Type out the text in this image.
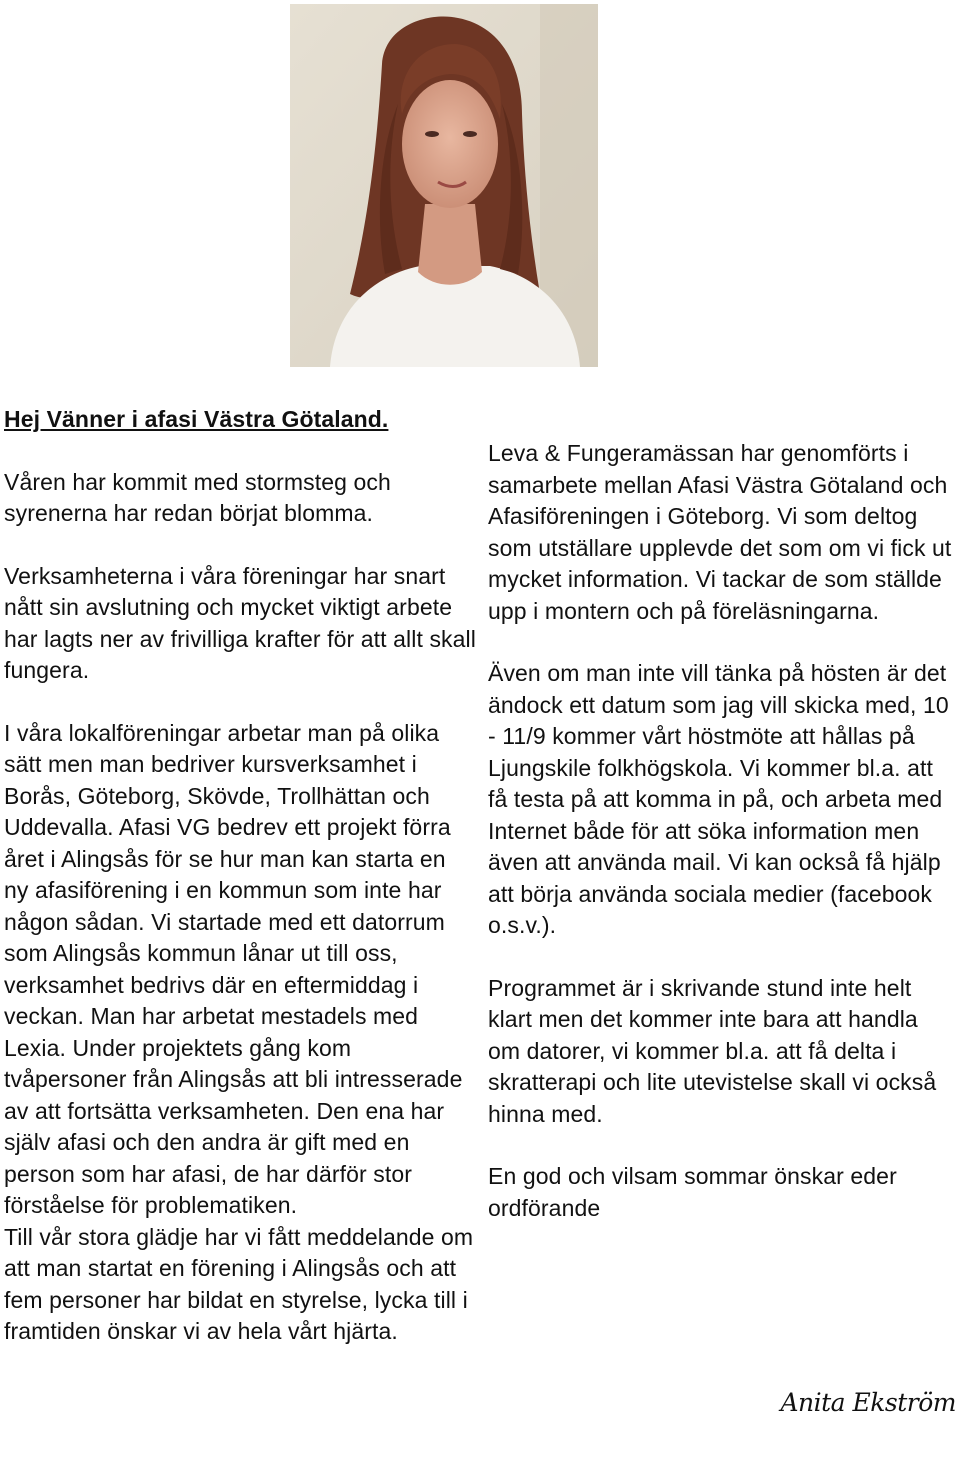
Hej Vänner i afasi Västra Götaland.

Våren har kommit med stormsteg och syrenerna har redan börjat blomma.

Verksamheterna i våra föreningar har snart nått sin avslutning och mycket viktigt arbete har lagts ner av frivilliga krafter för att allt skall fungera.

I våra lokalföreningar arbetar man på olika sätt men man bedriver kursverksamhet i Borås, Göteborg, Skövde, Trollhättan och Uddevalla. Afasi VG bedrev ett projekt förra året i Alingsås för se hur man kan starta en ny afasiförening i en kommun som inte har någon sådan. Vi startade med ett datorrum som Alingsås kommun lånar ut till oss, verksamhet bedrivs där en eftermiddag i veckan. Man har arbetat mestadels med Lexia. Under projektets gång kom tvåpersoner från Alingsås att bli intresserade av att fortsätta verksamheten. Den ena har själv afasi och den andra är gift med en person som har afasi, de har därför stor förståelse för problematiken.

Till vår stora glädje har vi fått meddelande om att man startat en förening i Alingsås och att fem personer har bildat en styrelse, lycka till i framtiden önskar vi av hela vårt hjärta.

Leva & Fungeramässan har genomförts i samarbete mellan Afasi Västra Götaland och Afasiföreningen i Göteborg. Vi som deltog som utställare upplevde det som om vi fick ut mycket information. Vi tackar de som ställde upp i montern och på föreläsningarna.

Även om man inte vill tänka på hösten är det ändock ett datum som jag vill skicka med, 10 - 11/9 kommer vårt höstmöte att hållas på Ljungskile folkhögskola. Vi kommer bl.a. att få testa på att komma in på, och arbeta med Internet både för att söka information men även att använda mail. Vi kan också få hjälp att börja använda sociala medier (facebook o.s.v.).

Programmet är i skrivande stund inte helt klart men det kommer inte bara att handla om datorer, vi kommer bl.a. att få delta i skratterapi och lite utevistelse skall vi också hinna med.

En god och vilsam sommar önskar eder ordförande

Anita Ekström
